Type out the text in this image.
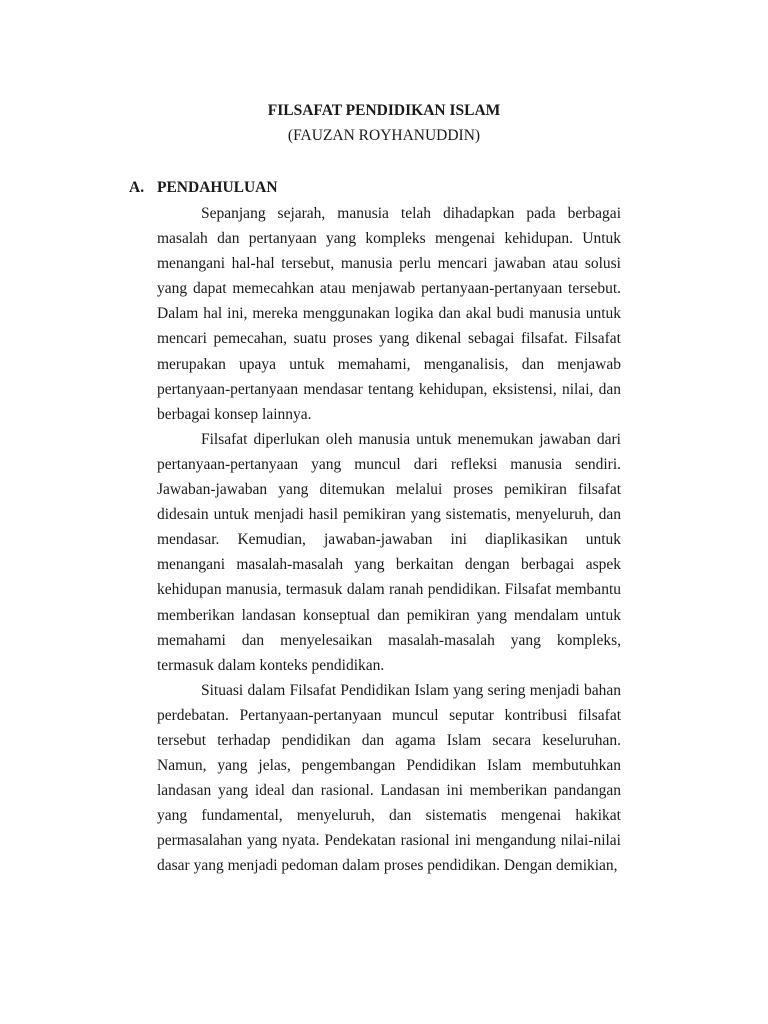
FILSAFAT PENDIDIKAN ISLAM
(FAUZAN ROYHANUDDIN)
A. PENDAHULUAN

Sepanjang sejarah, manusia telah dihadapkan pada berbagai masalah dan pertanyaan yang kompleks mengenai kehidupan. Untuk menangani hal-hal tersebut, manusia perlu mencari jawaban atau solusi yang dapat memecahkan atau menjawab pertanyaan-pertanyaan tersebut. Dalam hal ini, mereka menggunakan logika dan akal budi manusia untuk mencari pemecahan, suatu proses yang dikenal sebagai filsafat. Filsafat merupakan upaya untuk memahami, menganalisis, dan menjawab pertanyaan-pertanyaan mendasar tentang kehidupan, eksistensi, nilai, dan berbagai konsep lainnya.

Filsafat diperlukan oleh manusia untuk menemukan jawaban dari pertanyaan-pertanyaan yang muncul dari refleksi manusia sendiri. Jawaban-jawaban yang ditemukan melalui proses pemikiran filsafat didesain untuk menjadi hasil pemikiran yang sistematis, menyeluruh, dan mendasar. Kemudian, jawaban-jawaban ini diaplikasikan untuk menangani masalah-masalah yang berkaitan dengan berbagai aspek kehidupan manusia, termasuk dalam ranah pendidikan. Filsafat membantu memberikan landasan konseptual dan pemikiran yang mendalam untuk memahami dan menyelesaikan masalah-masalah yang kompleks, termasuk dalam konteks pendidikan.

Situasi dalam Filsafat Pendidikan Islam yang sering menjadi bahan perdebatan. Pertanyaan-pertanyaan muncul seputar kontribusi filsafat tersebut terhadap pendidikan dan agama Islam secara keseluruhan. Namun, yang jelas, pengembangan Pendidikan Islam membutuhkan landasan yang ideal dan rasional. Landasan ini memberikan pandangan yang fundamental, menyeluruh, dan sistematis mengenai hakikat permasalahan yang nyata. Pendekatan rasional ini mengandung nilai-nilai dasar yang menjadi pedoman dalam proses pendidikan. Dengan demikian,
